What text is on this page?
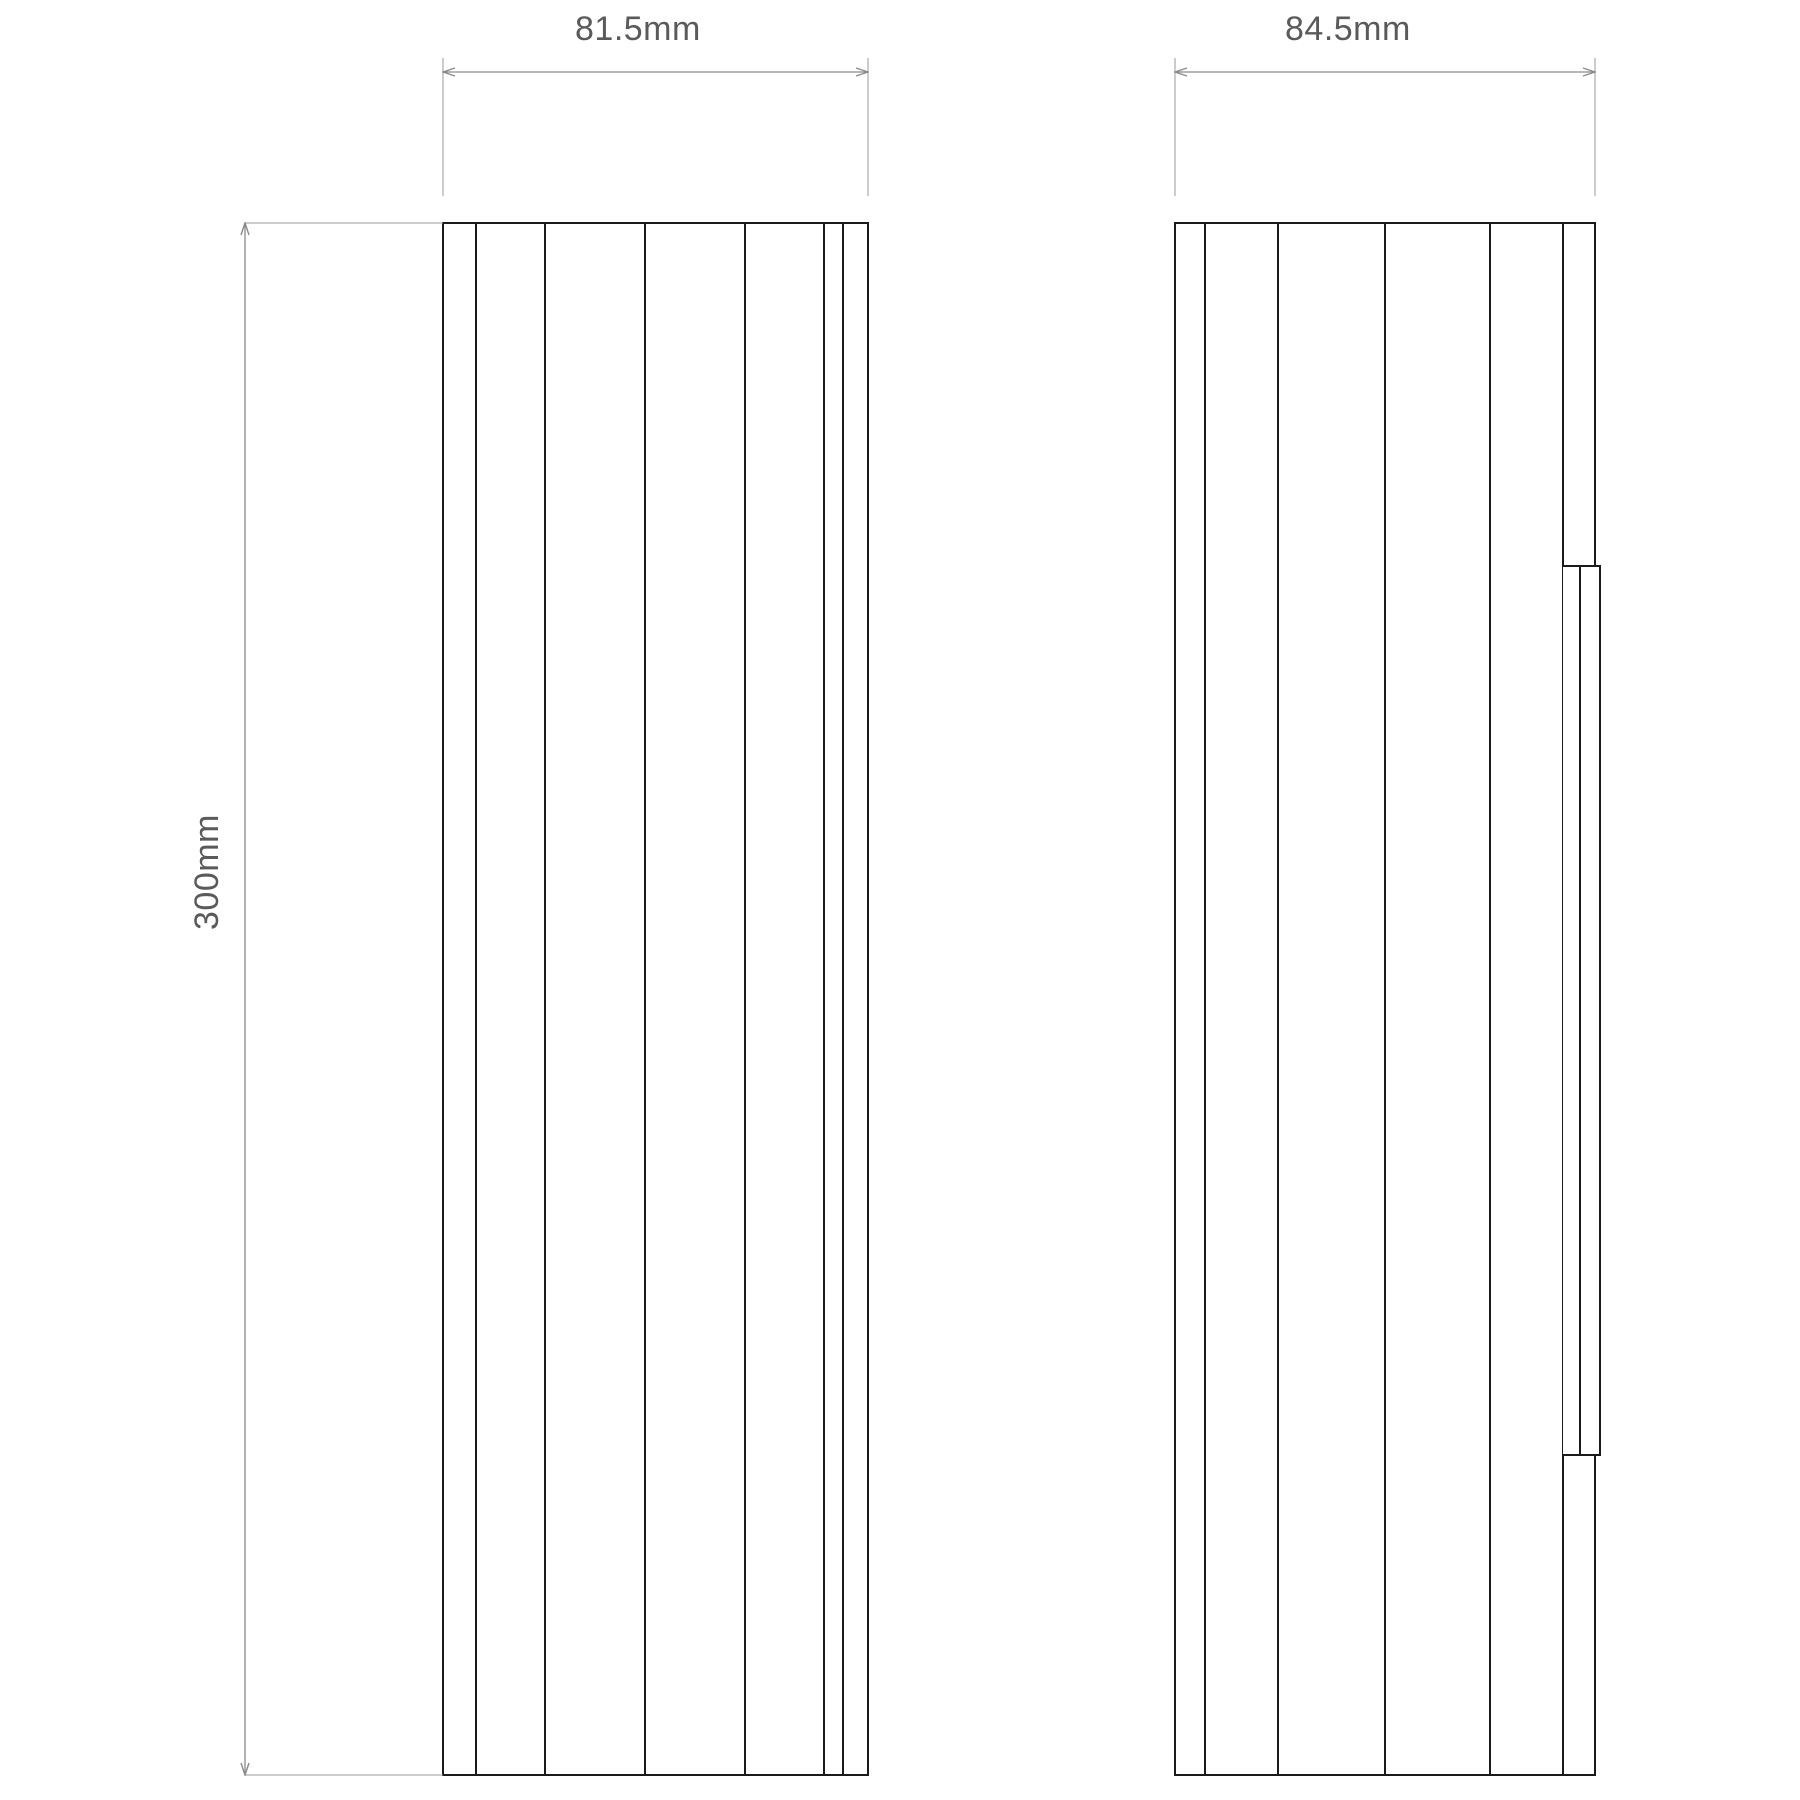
81.5mm	84.5mm
300mm
